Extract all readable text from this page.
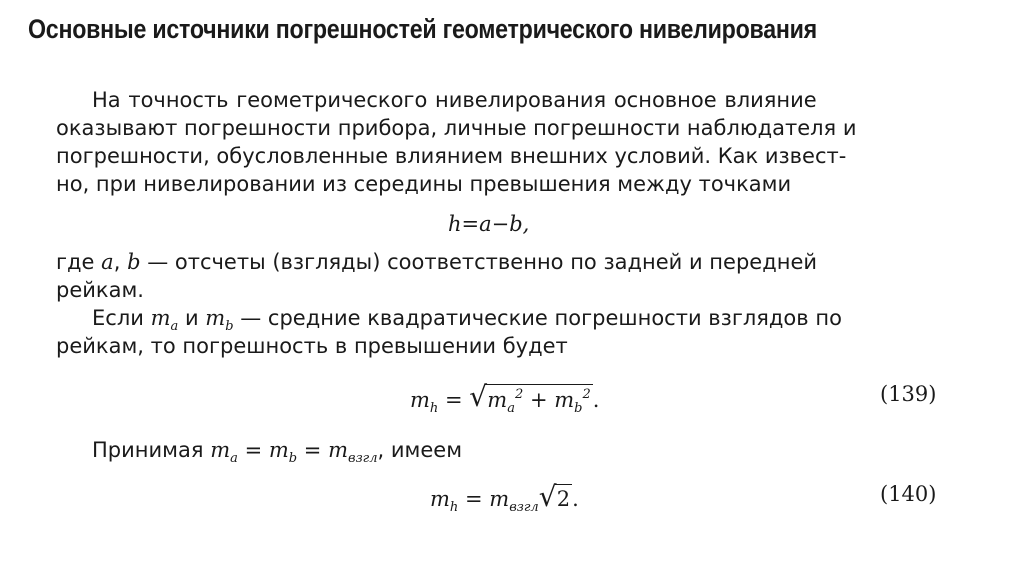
Основные источники погрешностей геометрического нивелирования
На точность геометрического нивелирования основное влияние
оказывают погрешности прибора, личные погрешности наблюдателя и
погрешности, обусловленные влиянием внешних условий. Как извест-
но, при нивелировании из середины превышения между точками
h=a−b,
где a, b — отсчеты (взгляды) соответственно по задней и передней
рейкам.
Если $m_a$ и $m_b$ — средние квадратические погрешности взглядов по
рейкам, то погрешность в превышении будет
$m_h$ = √ $m_a^2 + m_b^2$.	(139)
Принимая $m_a = m_b = m_{взгл}$, имеем
$m_h = m_{взгл}$ √ 2.	(140)
